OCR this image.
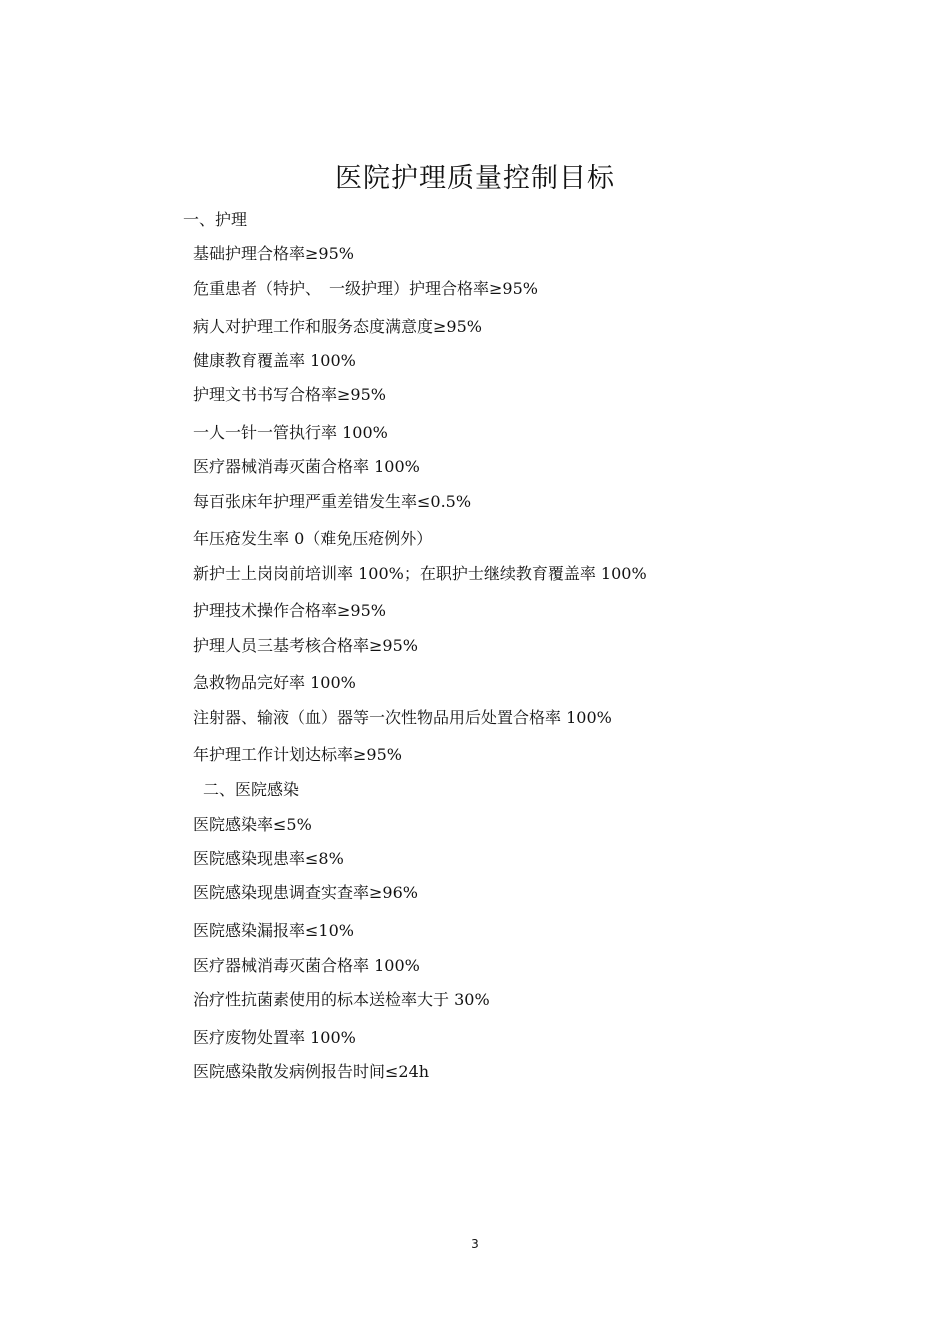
医院护理质量控制目标
一、护理
基础护理合格率≥95%
危重患者（特护、　一级护理）护理合格率≥95%
病人对护理工作和服务态度满意度≥95%
健康教育覆盖率 100%
护理文书书写合格率≥95%
一人一针一管执行率 100%
医疗器械消毒灭菌合格率 100%
每百张床年护理严重差错发生率≤0.5%
年压疮发生率 0（难免压疮例外）
新护士上岗岗前培训率 100%；在职护士继续教育覆盖率 100%
护理技术操作合格率≥95%
护理人员三基考核合格率≥95%
急救物品完好率 100%
注射器、输液（血）器等一次性物品用后处置合格率 100%
年护理工作计划达标率≥95%
二、医院感染
医院感染率≤5%
医院感染现患率≤8%
医院感染现患调查实查率≥96%
医院感染漏报率≤10%
医疗器械消毒灭菌合格率 100%
治疗性抗菌素使用的标本送检率大于 30%
医疗废物处置率 100%
医院感染散发病例报告时间≤24h
3
